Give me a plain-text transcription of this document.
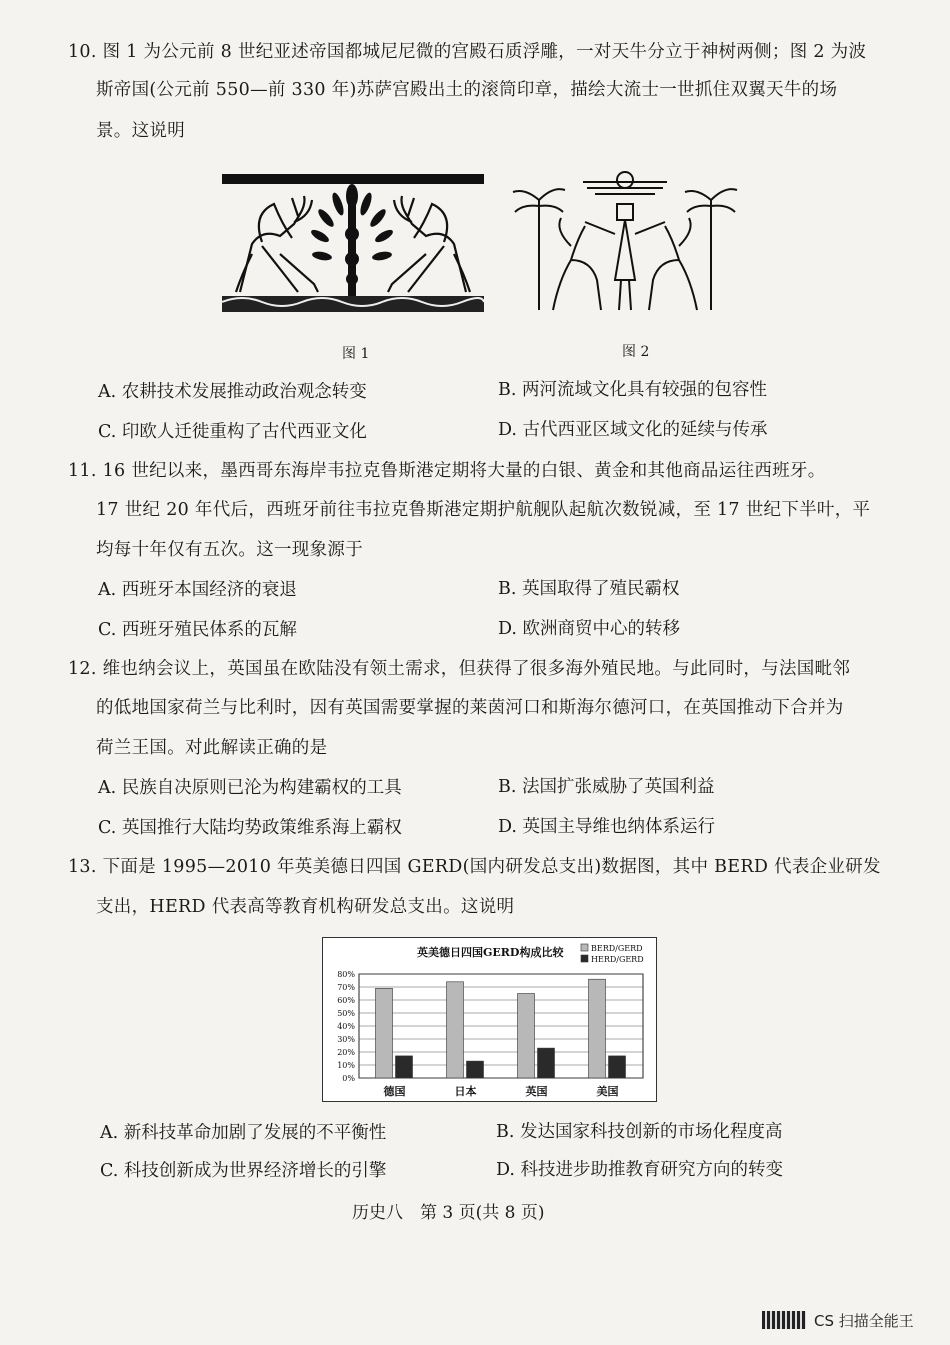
10. 图 1 为公元前 8 世纪亚述帝国都城尼尼微的宫殿石质浮雕，一对天牛分立于神树两侧；图 2 为波
斯帝国(公元前 550—前 330 年)苏萨宫殿出土的滚筒印章，描绘大流士一世抓住双翼天牛的场
景。这说明
图 1	图 2
A. 农耕技术发展推动政治观念转变	B. 两河流域文化具有较强的包容性
C. 印欧人迁徙重构了古代西亚文化	D. 古代西亚区域文化的延续与传承
11. 16 世纪以来，墨西哥东海岸韦拉克鲁斯港定期将大量的白银、黄金和其他商品运往西班牙。
17 世纪 20 年代后，西班牙前往韦拉克鲁斯港定期护航舰队起航次数锐减，至 17 世纪下半叶，平
均每十年仅有五次。这一现象源于
A. 西班牙本国经济的衰退	B. 英国取得了殖民霸权
C. 西班牙殖民体系的瓦解	D. 欧洲商贸中心的转移
12. 维也纳会议上，英国虽在欧陆没有领土需求，但获得了很多海外殖民地。与此同时，与法国毗邻
的低地国家荷兰与比利时，因有英国需要掌握的莱茵河口和斯海尔德河口，在英国推动下合并为
荷兰王国。对此解读正确的是
A. 民族自决原则已沦为构建霸权的工具	B. 法国扩张威胁了英国利益
C. 英国推行大陆均势政策维系海上霸权	D. 英国主导维也纳体系运行
13. 下面是 1995—2010 年英美德日四国 GERD(国内研发总支出)数据图，其中 BERD 代表企业研发
支出，HERD 代表高等教育机构研发总支出。这说明
英美德日四国GERD构成比较	BERD/GERD
HERD/GERD
80%
70%
60%
50%
40%
30%
20%
10%
0%
德国	日本	英国	美国
A. 新科技革命加剧了发展的不平衡性	B. 发达国家科技创新的市场化程度高
C. 科技创新成为世界经济增长的引擎	D. 科技进步助推教育研究方向的转变
历史八　第 3 页(共 8 页)
CS 扫描全能王
